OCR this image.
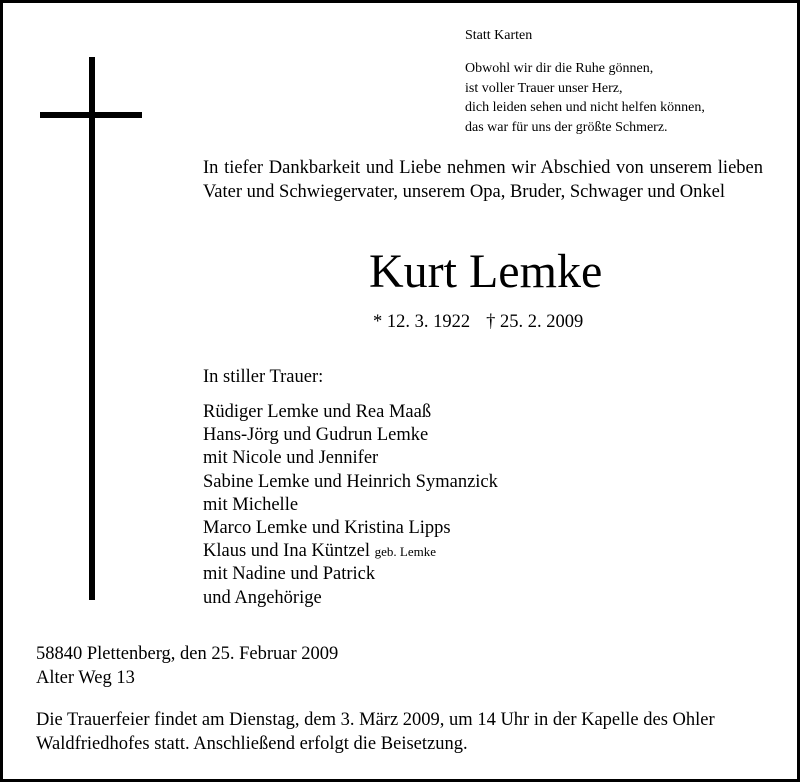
Statt Karten
Obwohl wir dir die Ruhe gönnen,
ist voller Trauer unser Herz,
dich leiden sehen und nicht helfen können,
das war für uns der größte Schmerz.
In tiefer Dankbarkeit und Liebe nehmen wir Abschied von unserem lieben Vater und Schwiegervater, unserem Opa, Bruder, Schwager und Onkel
Kurt Lemke
* 12. 3. 1922 † 25. 2. 2009
In stiller Trauer:
Rüdiger Lemke und Rea Maaß
Hans-Jörg und Gudrun Lemke
mit Nicole und Jennifer
Sabine Lemke und Heinrich Symanzick
mit Michelle
Marco Lemke und Kristina Lipps
Klaus und Ina Küntzel geb. Lemke
mit Nadine und Patrick
und Angehörige
58840 Plettenberg, den 25. Februar 2009
Alter Weg 13
Die Trauerfeier findet am Dienstag, dem 3. März 2009, um 14 Uhr in der Kapelle des Ohler Waldfriedhofes statt. Anschließend erfolgt die Beisetzung.
